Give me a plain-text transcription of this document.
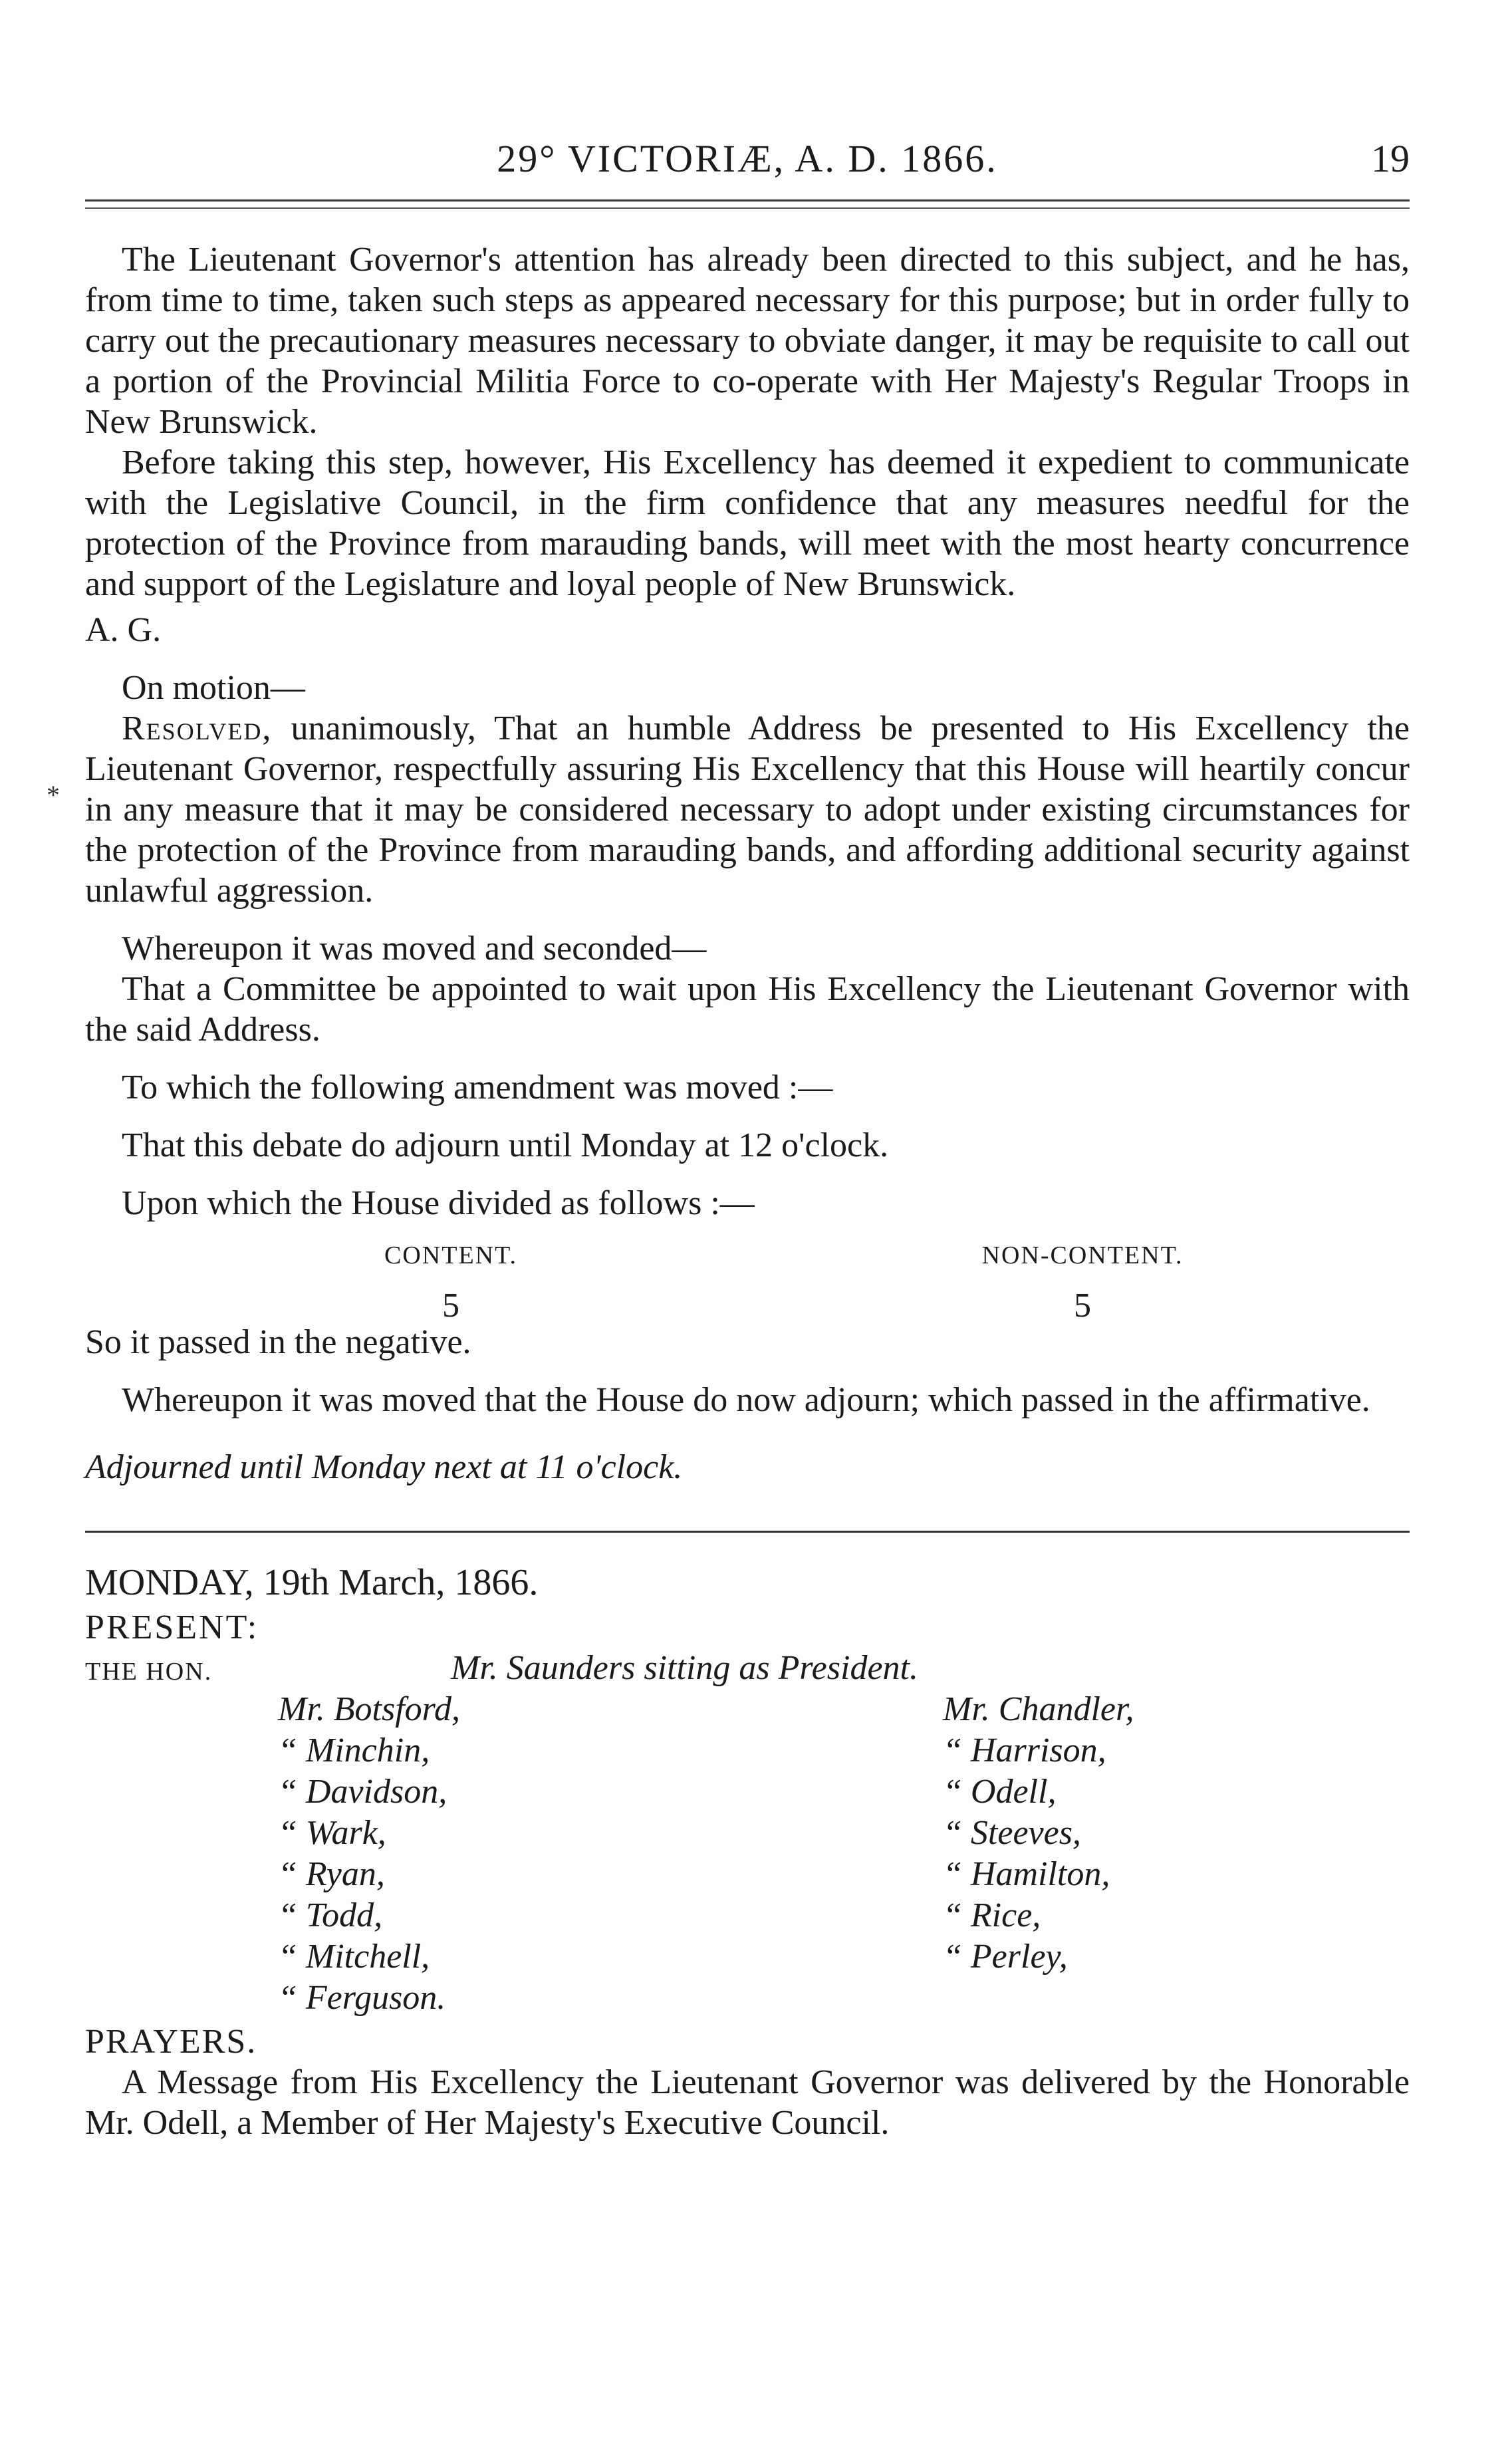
29° VICTORIÆ, A. D. 1866.	19

The Lieutenant Governor's attention has already been directed to this subject, and he has, from time to time, taken such steps as appeared necessary for this purpose; but in order fully to carry out the precautionary measures necessary to obviate danger, it may be requisite to call out a portion of the Provincial Militia Force to co-operate with Her Majesty's Regular Troops in New Brunswick.

Before taking this step, however, His Excellency has deemed it expedient to communicate with the Legislative Council, in the firm confidence that any measures needful for the protection of the Province from marauding bands, will meet with the most hearty concurrence and support of the Legislature and loyal people of New Brunswick.

A. G.

On motion—

Resolved, unanimously, That an humble Address be presented to His Excellency the Lieutenant Governor, respectfully assuring His Excellency that this House will heartily concur in any measure that it may be considered necessary to adopt under existing circumstances for the protection of the Province from marauding bands, and affording additional security against unlawful aggression.

Whereupon it was moved and seconded—

That a Committee be appointed to wait upon His Excellency the Lieutenant Governor with the said Address.

To which the following amendment was moved :—

That this debate do adjourn until Monday at 12 o'clock.

Upon which the House divided as follows :—

CONTENT.
5
NON-CONTENT.
5

So it passed in the negative.

Whereupon it was moved that the House do now adjourn; which passed in the affirmative.

Adjourned until Monday next at 11 o'clock.

MONDAY, 19th March, 1866.

PRESENT:

THE HON.	Mr. Saunders sitting as President.
Mr. Botsford,
“ Minchin,
“ Davidson,
“ Wark,
“ Ryan,
“ Todd,
“ Mitchell,
“ Ferguson.
Mr. Chandler,
“ Harrison,
“ Odell,
“ Steeves,
“ Hamilton,
“ Rice,
“ Perley,

PRAYERS.

A Message from His Excellency the Lieutenant Governor was delivered by the Honorable Mr. Odell, a Member of Her Majesty's Executive Council.

*
